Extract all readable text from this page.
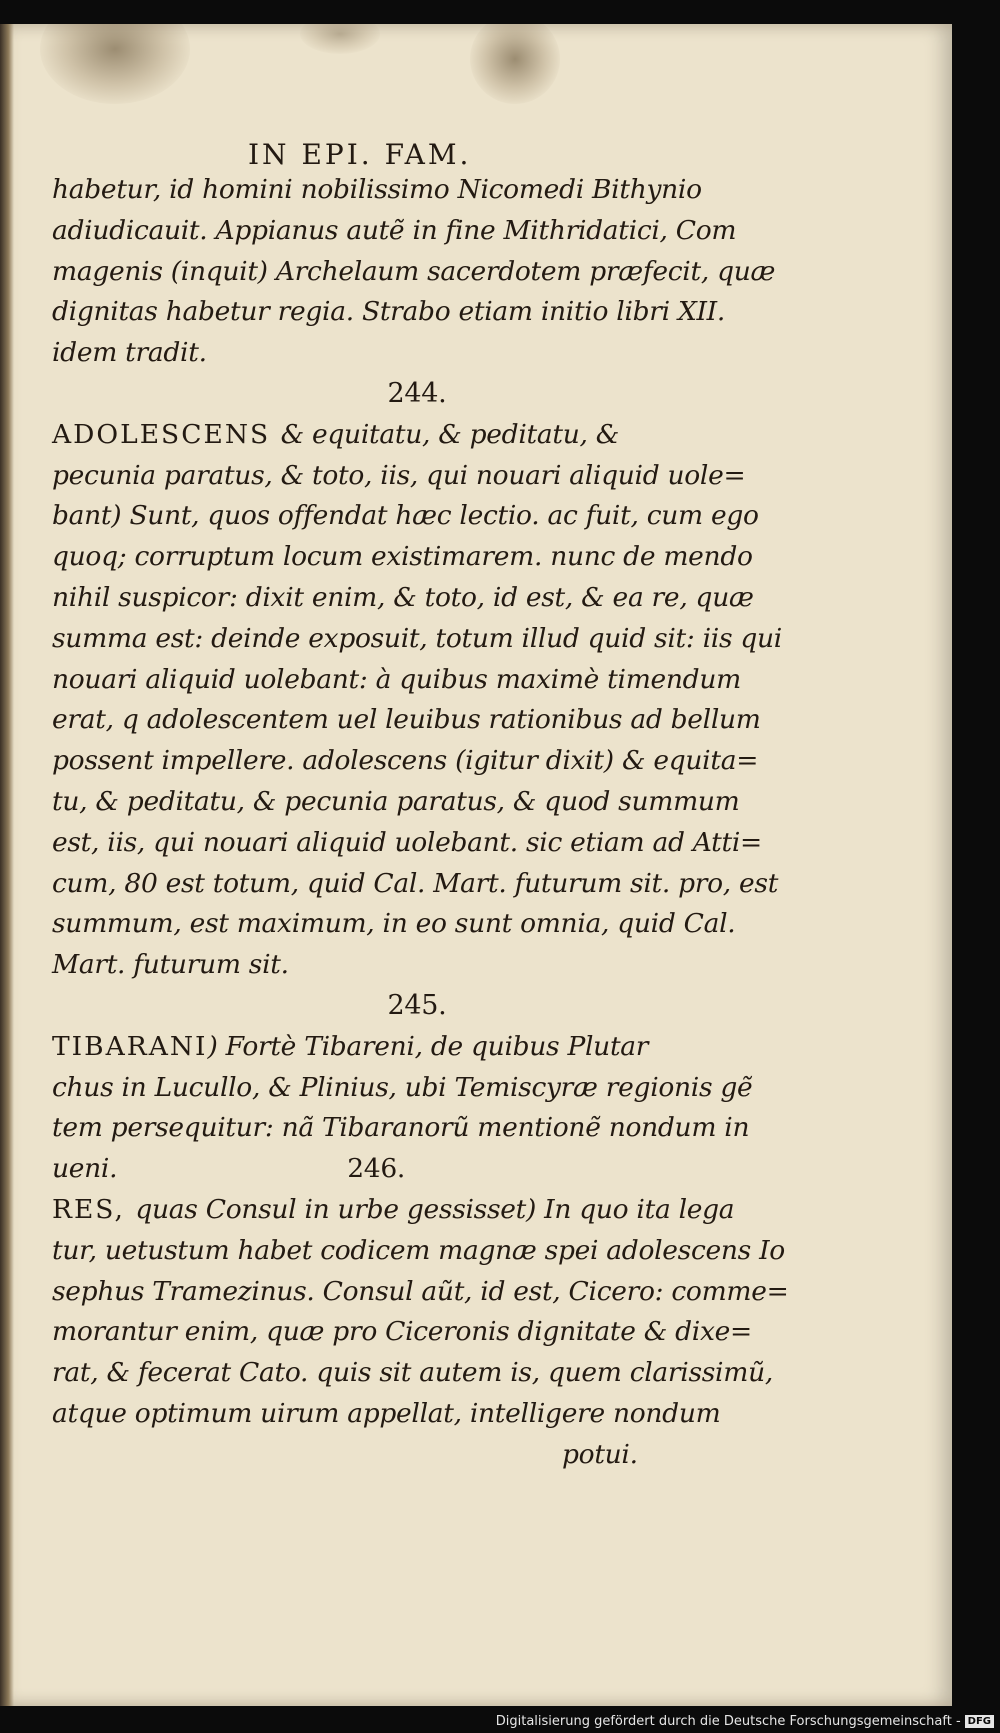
IN EPI. FAM.
habetur, id homini nobilissimo Nicomedi Bithynio
adiudicauit. Appianus autẽ in fine Mithridatici, Com
magenis (inquit) Archelaum sacerdotem præfecit, quæ
dignitas habetur regia. Strabo etiam initio libri XII.
idem tradit.
244.
ADOLESCENS & equitatu, & peditatu, &
pecunia paratus, & toto, iis, qui nouari aliquid uole=
bant) Sunt, quos offendat hæc lectio. ac fuit, cum ego
quoq; corruptum locum existimarem. nunc de mendo
nihil suspicor: dixit enim, & toto, id est, & ea re, quæ
summa est: deinde exposuit, totum illud quid sit: iis qui
nouari aliquid uolebant: à quibus maximè timendum
erat, q adolescentem uel leuibus rationibus ad bellum
possent impellere. adolescens (igitur dixit) & equita=
tu, & peditatu, & pecunia paratus, & quod summum
est, iis, qui nouari aliquid uolebant. sic etiam ad Atti=
cum, 80 est totum, quid Cal. Mart. futurum sit. pro, est
summum, est maximum, in eo sunt omnia, quid Cal.
Mart. futurum sit.
245.
TIBARANI) Fortè Tibareni, de quibus Plutar
chus in Lucullo, & Plinius, ubi Temiscyræ regionis gẽ
tem persequitur: nã Tibaranorũ mentionẽ nondum in
ueni.	246.
RES, quas Consul in urbe gessisset) In quo ita lega
tur, uetustum habet codicem magnæ spei adolescens Io
sephus Tramezinus. Consul aũt, id est, Cicero: comme=
morantur enim, quæ pro Ciceronis dignitate & dixe=
rat, & fecerat Cato. quis sit autem is, quem clarissimũ,
atque optimum uirum appellat, intelligere nondum
potui.
Digitalisierung gefördert durch die Deutsche Forschungsgemeinschaft - DFG
